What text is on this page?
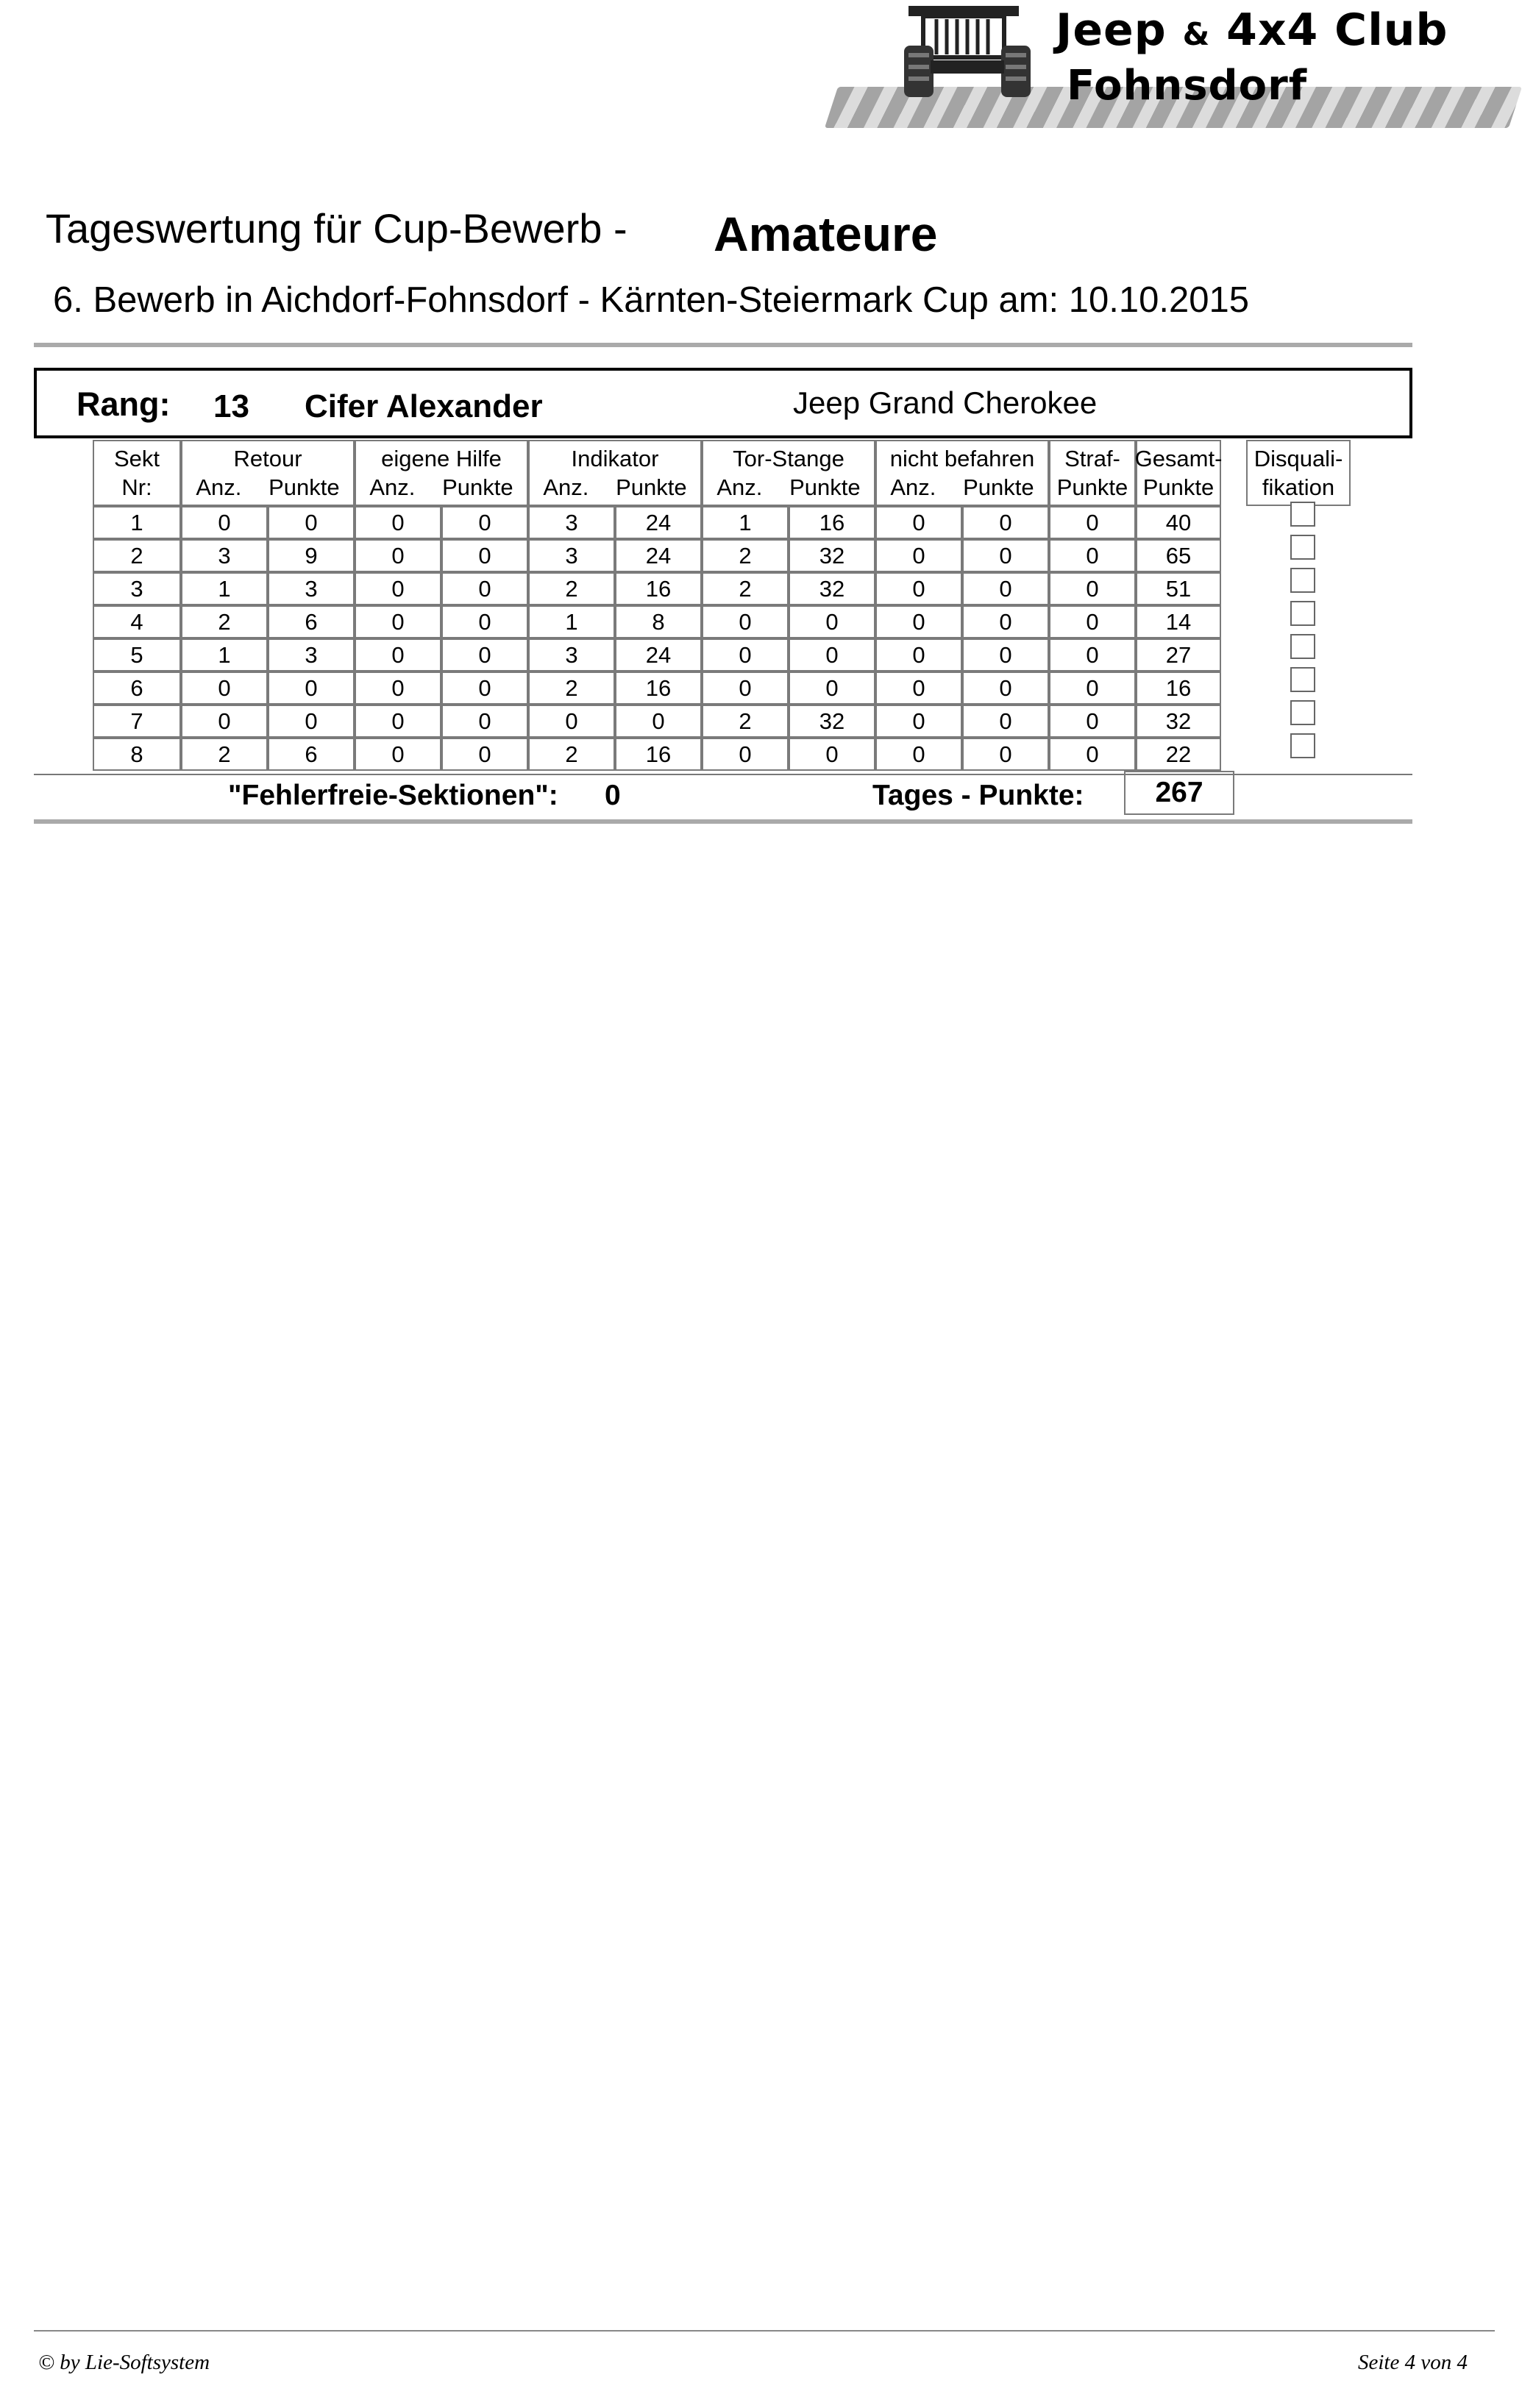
Jeep & 4x4 Club
Fohnsdorf
Tageswertung für Cup-Bewerb - Amateure
6. Bewerb in Aichdorf-Fohnsdorf - Kärnten-Steiermark Cup am: 10.10.2015
Rang: 13 Cifer Alexander	Jeep Grand Cherokee
Sekt
Nr:
Retour
Anz. Punkte
eigene Hilfe
Anz. Punkte
Indikator
Anz. Punkte
Tor-Stange
Anz. Punkte
nicht befahren
Anz. Punkte
Straf-
Punkte
Gesamt-
Punkte
Disquali-
fikation
1	0	0	0	0	3	24	1	16	0	0	0	40
2	3	9	0	0	3	24	2	32	0	0	0	65
3	1	3	0	0	2	16	2	32	0	0	0	51
4	2	6	0	0	1	8	0	0	0	0	0	14
5	1	3	0	0	3	24	0	0	0	0	0	27
6	0	0	0	0	2	16	0	0	0	0	0	16
7	0	0	0	0	0	0	2	32	0	0	0	32
8	2	6	0	0	2	16	0	0	0	0	0	22
"Fehlerfreie-Sektionen": 0	Tages - Punkte:	267
© by Lie-Softsystem	Seite 4 von 4
